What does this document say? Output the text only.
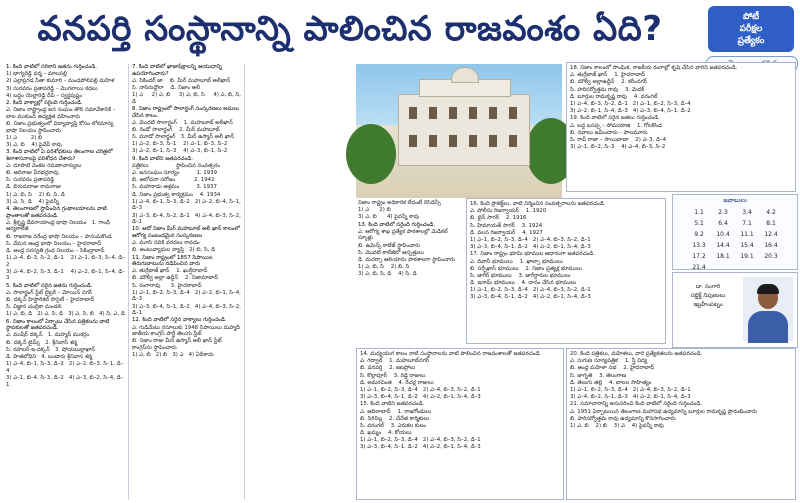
వనపర్తి సంస్థానాన్ని పాలించిన రాజవంశం ఏది?	పోటీ
పరీక్షల
ప్రత్యేకం

1. కింది వాటిలో సరికాని జతను గుర్తించండి.

1) భాగ్యరెడ్డి వర్మ – మాలపల్లి

2) ఎల్లాప్రగడ సీతా కుమారి – మండపోలిపల్లి మహిళ

3) సురవరం ప్రతాపరెడ్డి – మొగలాయి కథలు

4) బద్ధం యెల్లారెడ్డి దీపి – స్వర్ణపుష్టం

2. కింది వాక్యాల్లో సరైంది గుర్తించండి.

ఎ. నిజాం రాష్ట్రాంధ్ర జన సంఘం తొలి సమావేశానికి – బాల ముకుంద్ అధ్యక్షత వహించారు

బి. నిజాం ప్రభుత్వంలో విద్యావ్యాప్తి కోసం లోకమాన్య భాషా నిలయం స్థాపించారు

1) ఎ        2) బి

3) ఎ, బి    4) పైవేవీ కావు

3. కింది వాటిలో ఏ పరిశోధకులు తెలంగాణ చరిత్రలో శిలాశాసనాలపై పరిశోధన చేశారు?

ఎ. దూపాటి వెంకట రమణాచార్యులు

బి. ఆదిరాజు వీరభద్రరావు

సి. సురవరం ప్రతాపరెడ్డి

డి. బిరుదురాజు రామరాజు

1) ఎ, బి, సి    2) బి, సి, డి

3) ఎ, సి, డి    4) పైవన్నీ

4. తెలంగాణలో స్థాపించిన గ్రంథాలయాలను వాటి ప్రాంతాలతో జతపరచండి.

ఎ. శ్రీకృష్ణ దేవరాయాంధ్ర భాషా నిలయం   1. గాంధీ ఆర్యకాలేజీ

బి. రాజరాజ నరేంద్ర భాషా నిలయం – హనుమకొండ

సి. వేమన ఆంధ్ర భాషా నిలయం – హైదరాబాద్

డి. ఆంధ్ర సరస్వతి గ్రంథ నిలయం – సికింద్రాబాద్

1) ఎ–4, బి–3, సి–2, డి–1    2) ఎ–1, బి–3, సి–4, డి–2

3) ఎ–4, బి–2, సి–3, డి–1    4) ఎ–2, బి–1, సి–4, డి–3

5. కింది వాటిలో సరైన జతను గుర్తించండి.

ఎ. సాలార్జంగ్ స్టేట్ లైబ్రరీ – మోయిన్ నగర్

బి. దక్కన్ హిస్టారికల్ సొసైటీ – హైదరాబాద్

సి. విజ్ఞాన చంద్రికా మండలి

1) ఎ, బి, డి   2) ఎ, సి, డి   3) ఎ, సి, బి   4) సి, ఎ, డి

6. నిజాం కాలంలో ఏర్పాటు చేసిన పత్రికలను వాటి స్థాపకులతో జతపరచండి.

ఎ. ముషీర్ దక్కన్   1. మహ్మద్ ముకర్రం

బి. దక్కన్ టైమ్స్   2. శ్రీనివాస్ శర్మ

సి. రహబర్-ఇ-దక్కన్   3. షోయబుల్లాఖాన్

డి. హితబోధిని   4. బండారు శ్రీనివాస శర్మ

1) ఎ–4, బి–1, సి–3, డి–2   2) ఎ–2, బి–3, సి–1, డి–4

3) ఎ–1, బి–4, సి–3, డి–2   4) ఎ–3, బి–2, సి–4, డి–1

7. కింది వాటిలో ఖాజాషేక్షాలన్ని ఆయుధాన్ని ఉపయోగించారు?

ఎ. సికిందర్ జా    బి. మీర్ మహబూబ్ అలీఖాన్

సి. నాసిరుద్దౌలా    డి. నిజాం అలీ

1) ఎ     2) ఎ, బి     3) ఎ, బి, సి     4) ఎ, బి, సి, డి

8. నిజాం రాష్ట్రంలో సాలార్జంగ్ సంస్కరణలు అమలు చేసిన కాలం.

ఎ. మొదటి సాలార్జంగ్    1. మహబూబ్ అలీఖాన్

బి. రెండో సాలార్జంగ్    2. మీర్ మహబూబ్

సి. మూడో సాలార్జంగ్   3. మీర్ ఉస్మాన్ అలీ ఖాన్

1) ఎ–2, బి–3, సి–1    2) ఎ–1, బి–3, సి–2

3) ఎ–2, బి–1, సి–3    4) ఎ–3, బి–1, సి–2

9. కింది వాటిని జతపరచండి.

పత్రికలు                స్థాపించిన సంవత్సరం

ఎ. జనసంఘం సూర్యం          1. 1939

బి. ఆలోచనా సరోజం           2. 1942

సి. మహానాడు ఆశ్రమం          3. 1937

డి. నిజాం ప్రభుత్వ కార్యక్రమం    4. 1934

1) ఎ–4, బి–1, సి–3, డి–2   2) ఎ–2, బి–4, సి–1, డి–3

3) ఎ–3, బి–4, సి–2, డి–1   4) ఎ–4, బి–3, సి–2, డి–1

10. ఆదో నిజాం మీర్ మహబూబ్ అలీ ఖాన్ కాలంలో ఆరోగ్య సంబంధమైన సంస్కరణలు

ఎ. మూసి నదికి వరదలు రావడం

బి. అంటువ్యాధుల వ్యాప్తి   2) బి, సి, డి

11. నిజాం రాష్ట్రంలో 1857 సిపాయిల తిరుగుబాటును నడిపించిన వారు

ఎ. తుర్రేబాజ్ ఖాన్    1. ఖుర్షీదాబాద్

బి. మౌల్వీ అల్లా ఉద్దీన్    2. నిజామాబాద్

సి. రంగారావు      3. హైదరాబాద్

1) ఎ–1, బి–2, సి–3, డి–4   2) ఎ–2, బి–1, సి–4, డి–3

3) ఎ–3, బి–4, సి–1, డి–2   4) ఎ–4, బి–3, సి–2, డి–1

12. కింది వాటిలో సరైన వాక్యాలు గుర్తించండి.

ఎ. గుడిమేటు రసూలుకు 1948 సిపాయిలు మహ్మదీ జాతీయ కాంగ్రెస్ పార్టీ తెలుగు స్టేట్

బి. నిజాం రాజు మీర్ ఉస్మాన్ అలీ ఖాన్ స్టేట్ కాంగ్రెస్‌ను స్థాపించారు

1) ఎ, బి   2) బి   3) ఎ   4) ఏదీకాదు

నిజాం రాష్ట్రం అధికారిక లేదంటే రెసిడెన్సీ

1) ఎ      2) బి

3) ఎ, బి      4) పైవన్నీ కావు

13. కింది వాటిలో సరైంది గుర్తించండి.

ఎ. ఆరోగ్య శాఖ ప్రత్యేక పాఠశాలల్లో మెడికల్ స్కూళ్లు

బి. ఉమెన్స్ కాలేజ్ స్థాపించారు

సి. మొదటి కాలేజీలో ఆస్పత్రులు

డి. మదర్సా ఆలియాను పాఠశాలగా స్థాపించారు

1) ఎ, బి, సి    2) బి, సి

3) ఎ, బి, సి, డి    4) సి, డి

16. కింది ప్రాజెక్ట్‌లు, వాటి నిర్మించిన సంవత్సరాలను జతపరచండి.

ఎ. పోలీసు రిజర్వాయర్    1. 1920

బి. బైన్ సాగర్    2. 1916

సి. హిమాయత్ సాగర్    3. 1924

డి. వలస రిజర్వాయర్    4. 1927

1) ఎ–1, బి–2, సి–3, డి–4   2) ఎ–4, బి–3, సి–2, డి–1

3) ఎ–3, బి–4, సి–1, డి–2   4) ఎ–2, బి–1, సి–4, డి–3

17. నిజాం రాష్ట్రం భూమి భూముల ఆధారంగా జతపరచండి.

ఎ. దివానీ భూములు    1. ఖాల్సా భూములు

బి. సర్ఫేఖాస్ భూములు    2. నిజాం ప్రత్యక్ష భూములు

సి. జాగీర్ భూములు    3. జాగీర్దారుల భూములు

డి. ఇనామ్ భూములు    4. దానం చేసిన భూములు

1) ఎ–1, బి–2, సి–3, డి–4   2) ఎ–4, బి–3, సి–2, డి–1

3) ఎ–3, బి–4, సి–1, డి–2   4) ఎ–2, బి–1, సి–4, డి–3

18. నిజాం కాలంలో సాంఘిక, రాజకీయ రంగాల్లో కృషి చేసిన వారిని జతపరచండి.

ఎ. తుర్రేబాజ్ ఖాన్    1. హైదరాబాద్

బి. మౌల్వీ అల్లాఉద్దీన్    2. కరీంనగర్

సి. హరిసర్వోత్తమ రావు    3. మెదక్

డి. బూర్గుల రామకృష్ణ రావు    4. వరంగల్

1) ఎ–4, బి–3, సి–2, డి–1   2) ఎ–1, బి–2, సి–3, డి–4

3) ఎ–2, బి–1, సి–4, డి–3   4) ఎ–3, బి–4, సి–1, డి–2

19. కింది వాటిలో సరైన జతలు గుర్తించండి.

ఎ. బద్ద బసప్ప – సోమయాజి    1. గోలకొండ

బి. నవాబు జమీందారు – పాలమూరు

సి. రావ్ రాజా – సాయిబాబా    2) ఎ–3, డి–4

3) ఎ–1, బి–2, సి–3    4) ఎ–4, బి–3, సి–2

14. మధ్యయుగ కాలం నాటి సంస్థానాలను వాటి పాలించిన రాజవంశాలతో జతపరచండి.

ఎ. గద్వాల్    1. మహబూబ్‌నగర్

బి. వనపర్తి    2. జటప్రోలు

సి. కొల్లాపూర్    3. రెడ్డి రాజులు

డి. అమరచింత    4. రేచర్ల రాజులు

1) ఎ–1, బి–2, సి–3, డి–4   2) ఎ–4, బి–3, సి–2, డి–1

3) ఎ–3, బి–4, సి–1, డి–2   4) ఎ–2, బి–1, సి–4, డి–3

15. కింది వాటిని జతపరచండి.

ఎ. ఆదిలాబాద్    1. రాజగోండులు

బి. సిరిసిల్ల    2. చేనేత కార్మికులు

సి. వరంగల్    3. ఎరుకల కులం

డి. ఖమ్మం    4. కోయలు

1) ఎ–1, బి–2, సి–3, డి–4   2) ఎ–4, బి–3, సి–2, డి–1

3) ఎ–3, బి–4, సి–1, డి–2   4) ఎ–2, బి–1, సి–4, డి–3

20. కింది పత్రికలు, మహిళలు, వారి ప్రత్యేకతలను జతపరచండి.

ఎ. సుగుణ సూర్యపత్రిక    1. స్త్రీ విద్య

బి. ఆంధ్ర మహిళా సభ    2. హైదరాబాద్

సి. జాగృతి    3. తెలంగాణ

డి. తెలుగు తల్లి    4. బాలల సాహిత్యం

1) ఎ–1, బి–2, సి–3, డి–4   2) ఎ–4, బి–3, సి–2, డి–1

3) ఎ–4, బి–2, సి–1, డి–3   4) ఎ–2, బి–1, సి–4, డి–3

21. సమాచారాన్ని అనుసరించి కింది వాటిలో సరైంది గుర్తించండి.

ఎ. 1951 ఏర్పాటయిన తెలంగాణ మహాసభ ఉద్యమాన్ని బూర్గుల రామకృష్ణ ప్రారంభించారు

బి. హరిసర్వోత్తమ రావు ఉద్యమాన్ని కొనసాగించారు

1) ఎ, బి    2) బి    3) ఎ    4) పైవన్నీ కావు

జవాబులు
1.1	2.3	3.4	4.2
5.1	6.4	7.1	8.1
9.2	10.4	11.1	12.4
13.3	14.4	15.4	16.4
17.2	18.1	19.1	20.3
21.4			
డా. సంగారి
సబ్జెక్ట్ నిపుణులు
ఇబ్రహీంపట్నం
